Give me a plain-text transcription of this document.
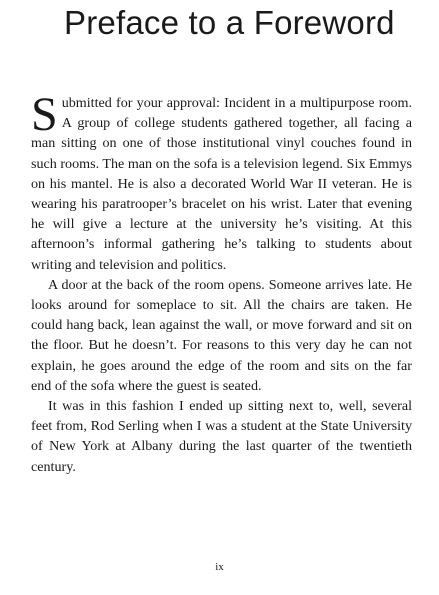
Preface to a Foreword

Submitted for your approval: Incident in a multipurpose room. A group of college students gathered together, all facing a man sitting on one of those institutional vinyl couches found in such rooms. The man on the sofa is a television legend. Six Emmys on his mantel. He is also a decorated World War II veteran. He is wearing his paratrooper’s bracelet on his wrist. Later that evening he will give a lecture at the university he’s visiting. At this afternoon’s informal gathering he’s talking to students about writing and television and politics.

A door at the back of the room opens. Someone arrives late. He looks around for someplace to sit. All the chairs are taken. He could hang back, lean against the wall, or move forward and sit on the floor. But he doesn’t. For reasons to this very day he can not explain, he goes around the edge of the room and sits on the far end of the sofa where the guest is seated.

It was in this fashion I ended up sitting next to, well, several feet from, Rod Serling when I was a student at the State University of New York at Albany during the last quarter of the twentieth century.

ix
